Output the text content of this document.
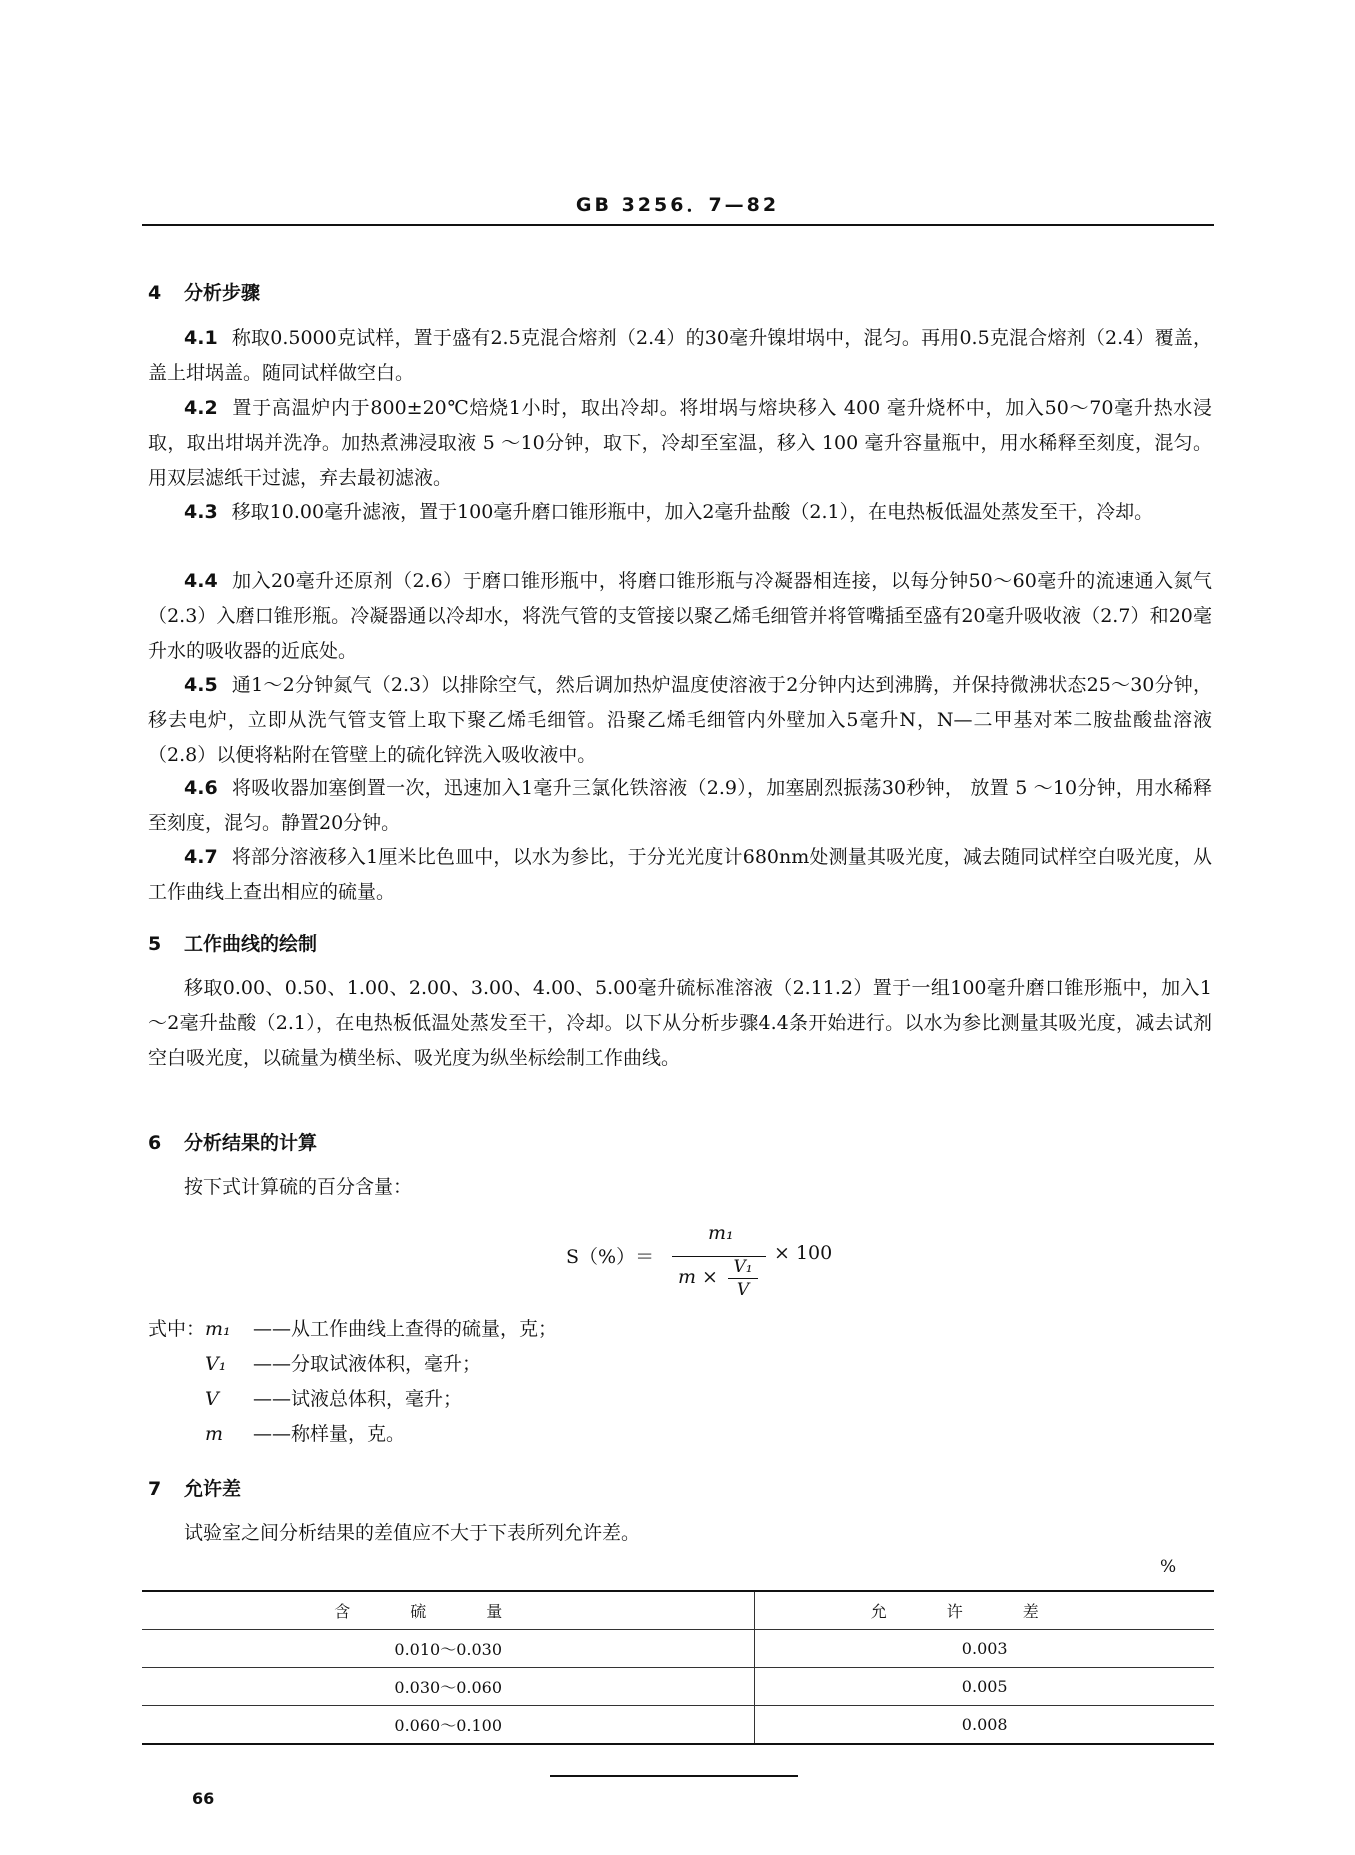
GB 3256．7—82
4 分析步骤
4.1 称取0.5000克试样，置于盛有2.5克混合熔剂（2.4）的30毫升镍坩埚中，混匀。再用0.5克混合熔剂（2.4）覆盖，盖上坩埚盖。随同试样做空白。
4.2 置于高温炉内于800±20℃焙烧1小时，取出冷却。将坩埚与熔块移入 400 毫升烧杯中，加入50～70毫升热水浸取，取出坩埚并洗净。加热煮沸浸取液 5 ～10分钟，取下，冷却至室温，移入 100 毫升容量瓶中，用水稀释至刻度，混匀。用双层滤纸干过滤，弃去最初滤液。
4.3 移取10.00毫升滤液，置于100毫升磨口锥形瓶中，加入2毫升盐酸（2.1），在电热板低温处蒸发至干，冷却。
4.4 加入20毫升还原剂（2.6）于磨口锥形瓶中，将磨口锥形瓶与冷凝器相连接，以每分钟50～60毫升的流速通入氮气（2.3）入磨口锥形瓶。冷凝器通以冷却水，将洗气管的支管接以聚乙烯毛细管并将管嘴插至盛有20毫升吸收液（2.7）和20毫升水的吸收器的近底处。
4.5 通1～2分钟氮气（2.3）以排除空气，然后调加热炉温度使溶液于2分钟内达到沸腾，并保持微沸状态25～30分钟，移去电炉，立即从洗气管支管上取下聚乙烯毛细管。沿聚乙烯毛细管内外壁加入5毫升N，N—二甲基对苯二胺盐酸盐溶液（2.8）以便将粘附在管壁上的硫化锌洗入吸收液中。
4.6 将吸收器加塞倒置一次，迅速加入1毫升三氯化铁溶液（2.9），加塞剧烈振荡30秒钟， 放置 5 ～10分钟，用水稀释至刻度，混匀。静置20分钟。
4.7 将部分溶液移入1厘米比色皿中，以水为参比，于分光光度计680nm处测量其吸光度，减去随同试样空白吸光度，从工作曲线上查出相应的硫量。
5 工作曲线的绘制
移取0.00、0.50、1.00、2.00、3.00、4.00、5.00毫升硫标准溶液（2.11.2）置于一组100毫升磨口锥形瓶中，加入1～2毫升盐酸（2.1），在电热板低温处蒸发至干，冷却。以下从分析步骤4.4条开始进行。以水为参比测量其吸光度，减去试剂空白吸光度，以硫量为横坐标、吸光度为纵坐标绘制工作曲线。
6 分析结果的计算
按下式计算硫的百分含量：
S（%）＝
m₁
$m \times \frac{\text{V₁}}{V}$
× 100
式中：m₁ ——从工作曲线上查得的硫量，克；
V₁ ——分取试液体积，毫升；
V ——试液总体积，毫升；
m ——称样量，克。
7 允许差
试验室之间分析结果的差值应不大于下表所列允许差。
%
含硫量	允许差
0.010～0.030	0.003
0.030～0.060	0.005
0.060～0.100	0.008
66
